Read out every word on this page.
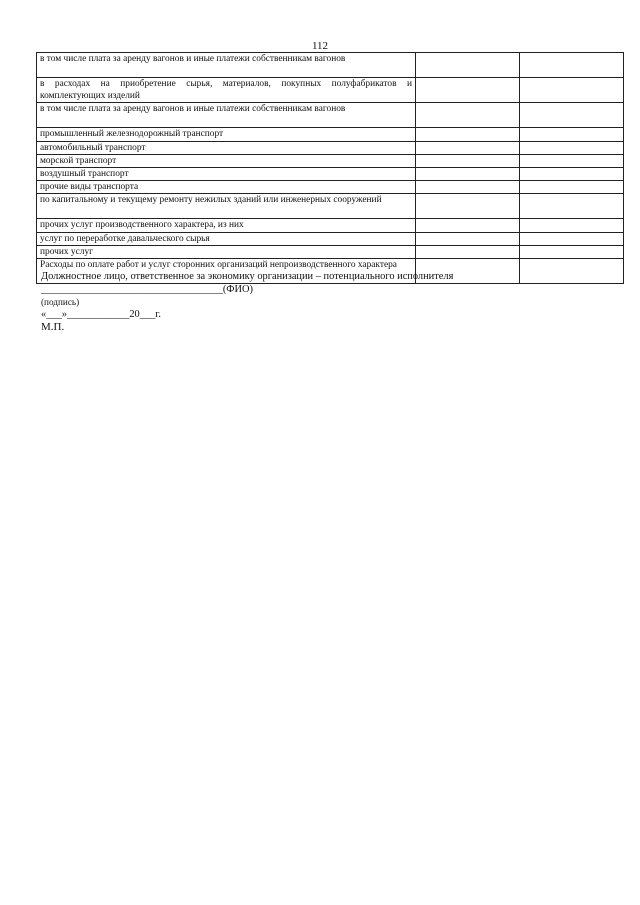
112
в том числе плата за аренду вагонов и иные платежи собственникам вагонов		
в расходах на приобретение сырья, материалов, покупных полуфабрикатов и комплектующих изделий		
в том числе плата за аренду вагонов и иные платежи собственникам вагонов		
промышленный железнодорожный транспорт		
автомобильный транспорт		
морской транспорт		
воздушный транспорт		
прочие виды транспорта		
по капитальному и текущему ремонту нежилых зданий или инженерных сооружений		
прочих услуг производственного характера, из них		
услуг по переработке давальческого сырья		
прочих услуг		
Расходы по оплате работ и услуг сторонних организаций непроизводственного характера		
Должностное лицо, ответственное за экономику организации – потенциального исполнителя
___________________________________(ФИО)
(подпись)
«___»____________20___г.
М.П.
